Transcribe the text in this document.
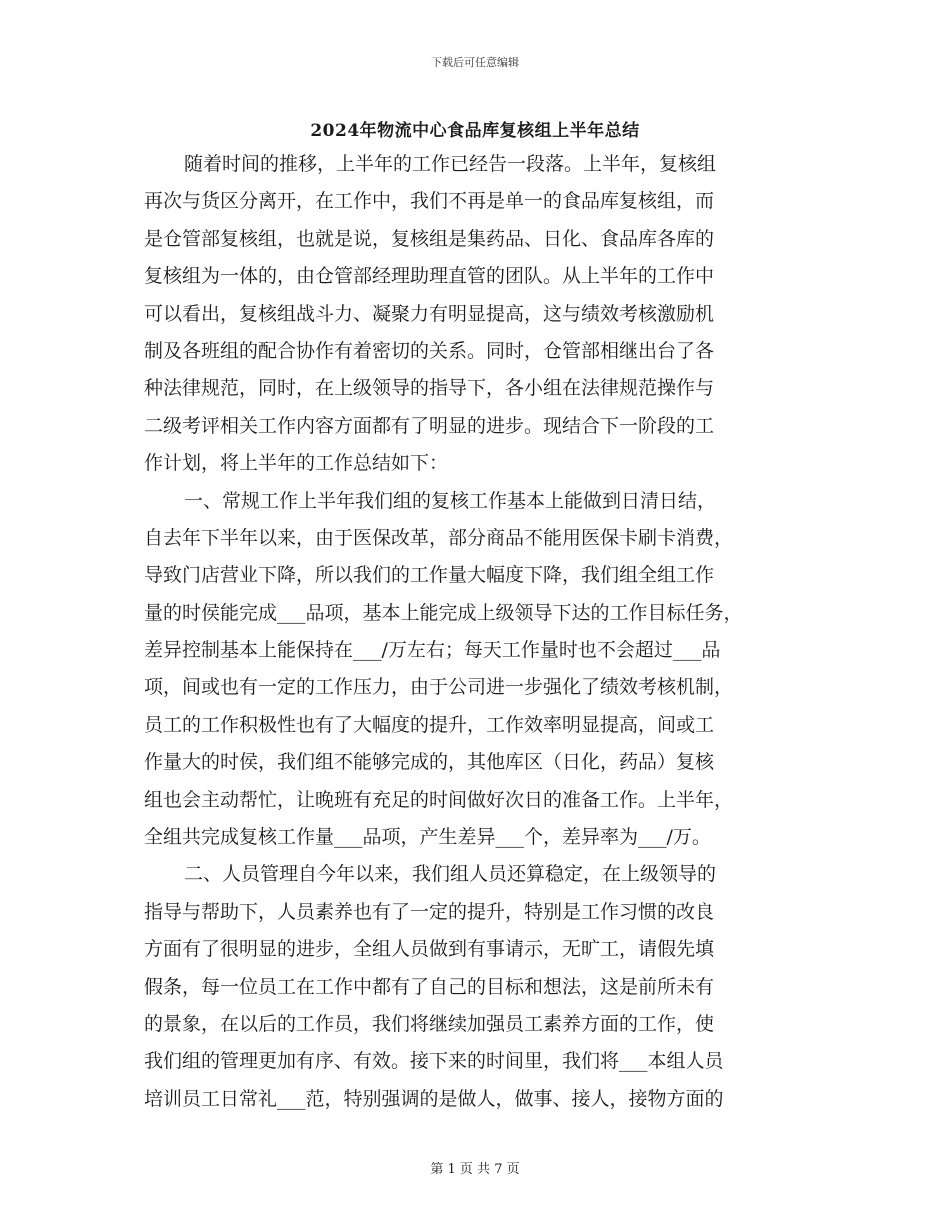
下载后可任意编辑
2024年物流中心食品库复核组上半年总结
随着时间的推移，上半年的工作已经告一段落。上半年，复核组
再次与货区分离开，在工作中，我们不再是单一的食品库复核组，而
是仓管部复核组，也就是说，复核组是集药品、日化、食品库各库的
复核组为一体的，由仓管部经理助理直管的团队。从上半年的工作中
可以看出，复核组战斗力、凝聚力有明显提高，这与绩效考核激励机
制及各班组的配合协作有着密切的关系。同时，仓管部相继出台了各
种法律规范，同时，在上级领导的指导下，各小组在法律规范操作与
二级考评相关工作内容方面都有了明显的进步。现结合下一阶段的工
作计划，将上半年的工作总结如下：
一、常规工作上半年我们组的复核工作基本上能做到日清日结，
自去年下半年以来，由于医保改革，部分商品不能用医保卡刷卡消费，
导致门店营业下降，所以我们的工作量大幅度下降，我们组全组工作
量的时侯能完成___品项，基本上能完成上级领导下达的工作目标任务，
差异控制基本上能保持在___/万左右；每天工作量时也不会超过___品
项，间或也有一定的工作压力，由于公司进一步强化了绩效考核机制，
员工的工作积极性也有了大幅度的提升，工作效率明显提高，间或工
作量大的时侯，我们组不能够完成的，其他库区（日化，药品）复核
组也会主动帮忙，让晚班有充足的时间做好次日的准备工作。上半年，
全组共完成复核工作量___品项，产生差异___个，差异率为___/万。
二、人员管理自今年以来，我们组人员还算稳定，在上级领导的
指导与帮助下，人员素养也有了一定的提升，特别是工作习惯的改良
方面有了很明显的进步，全组人员做到有事请示，无旷工，请假先填
假条，每一位员工在工作中都有了自己的目标和想法，这是前所未有
的景象，在以后的工作员，我们将继续加强员工素养方面的工作，使
我们组的管理更加有序、有效。接下来的时间里，我们将___本组人员
培训员工日常礼___范，特别强调的是做人，做事、接人，接物方面的
第 1 页 共 7 页
